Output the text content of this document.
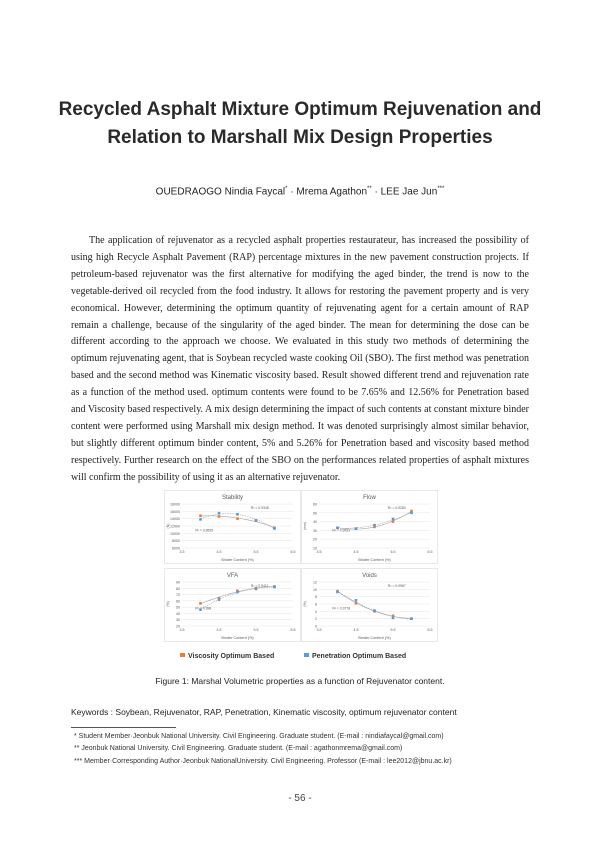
Recycled Asphalt Mixture Optimum Rejuvenation and
Relation to Marshall Mix Design Properties
OUEDRAOGO Nindia Faycal* · Mrema Agathon** · LEE Jae Jun***

The application of rejuvenator as a recycled asphalt properties restaurateur, has increased the possibility of using high Recycle Asphalt Pavement (RAP) percentage mixtures in the new pavement construction projects. If petroleum-based rejuvenator was the first alternative for modifying the aged binder, the trend is now to the vegetable-derived oil recycled from the food industry. It allows for restoring the pavement property and is very economical. However, determining the optimum quantity of rejuvenating agent for a certain amount of RAP remain a challenge, because of the singularity of the aged binder. The mean for determining the dose can be different according to the approach we choose. We evaluated in this study two methods of determining the optimum rejuvenating agent, that is Soybean recycled waste cooking Oil (SBO). The first method was penetration based and the second method was Kinematic viscosity based. Result showed different trend and rejuvenation rate as a function of the method used. optimum contents were found to be 7.65% and 12.56% for Penetration based and Viscosity based respectively. A mix design determining the impact of such contents at constant mixture binder content were performed using Marshall mix design method. It was denoted surprisingly almost similar behavior, but slightly different optimum binder content, 5% and 5.26% for Penetration based and viscosity based method respectively. Further research on the effect of the SBO on the performances related properties of asphalt mixtures will confirm the possibility of using it as an alternative rejuvenator.

Stability
18000
16000
14000
12000
10000
8000
6000
3.5	4.5	5.5	6.5
Binder Content (%)
(N)
R² = 0.9348
R² = 0.8505
Flow
60
50
40
30
20
10
3.5	4.5	5.5	6.5
Binder Content (%)
(mm)
R² = 0.9283
R² = 0.9931
VFA
90
80
70
60
50
40
30
20
3.5	4.5	5.5	6.5
Binder Content (%)
(%)
R² = 0.9411
R² = 0.998
Voids
12
10
8
6
4
2
0
3.5	4.5	5.5	6.5
Binder Content (%)
(%)
R² = 0.9967
R² = 0.9778
Viscosity Optimum Based	Penetration Optimum Based
Figure 1: Marshal Volumetric properties as a function of Rejuvenator content.
Keywords : Soybean, Rejuvenator, RAP, Penetration, Kinematic viscosity, optimum rejuvenator content
* Student Member·Jeonbuk National University. Civil Engineering. Graduate student. (E-mail : nindiafaycal@gmail.com)
** Jeonbuk National University. Civil Engineering. Graduate student. (E-mail : agathonmrema@gmail.com)
*** Member·Corresponding Author·Jeonbuk NationalUniversity. Civil Engineering. Professor (E-mail : lee2012@jbnu.ac.kr)
- 56 -
